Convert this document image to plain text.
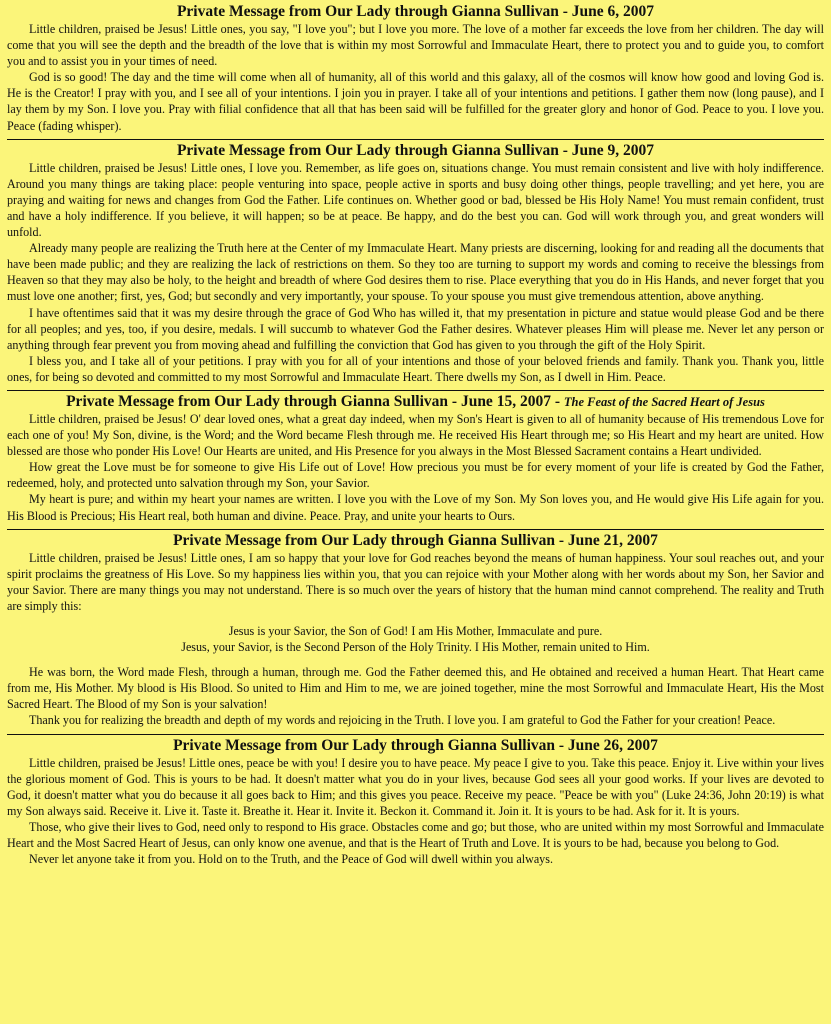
Private Message from Our Lady through Gianna Sullivan - June 6, 2007

Little children, praised be Jesus! Little ones, you say, "I love you"; but I love you more. The love of a mother far exceeds the love from her children. The day will come that you will see the depth and the breadth of the love that is within my most Sorrowful and Immaculate Heart, there to protect you and to guide you, to comfort you and to assist you in your times of need.

God is so good! The day and the time will come when all of humanity, all of this world and this galaxy, all of the cosmos will know how good and loving God is. He is the Creator! I pray with you, and I see all of your intentions. I join you in prayer. I take all of your intentions and petitions. I gather them now (long pause), and I lay them by my Son. I love you. Pray with filial confidence that all that has been said will be fulfilled for the greater glory and honor of God. Peace to you. I love you. Peace (fading whisper).

Private Message from Our Lady through Gianna Sullivan - June 9, 2007

Little children, praised be Jesus! Little ones, I love you. Remember, as life goes on, situations change. You must remain consistent and live with holy indifference. Around you many things are taking place: people venturing into space, people active in sports and busy doing other things, people travelling; and yet here, you are praying and waiting for news and changes from God the Father. Life continues on. Whether good or bad, blessed be His Holy Name! You must remain confident, trust and have a holy indifference. If you believe, it will happen; so be at peace. Be happy, and do the best you can. God will work through you, and great wonders will unfold.

Already many people are realizing the Truth here at the Center of my Immaculate Heart. Many priests are discerning, looking for and reading all the documents that have been made public; and they are realizing the lack of restrictions on them. So they too are turning to support my words and coming to receive the blessings from Heaven so that they may also be holy, to the height and breadth of where God desires them to rise. Place everything that you do in His Hands, and never forget that you must love one another; first, yes, God; but secondly and very importantly, your spouse. To your spouse you must give tremendous attention, above anything.

I have oftentimes said that it was my desire through the grace of God Who has willed it, that my presentation in picture and statue would please God and be there for all peoples; and yes, too, if you desire, medals. I will succumb to whatever God the Father desires. Whatever pleases Him will please me. Never let any person or anything through fear prevent you from moving ahead and fulfilling the conviction that God has given to you through the gift of the Holy Spirit.

I bless you, and I take all of your petitions. I pray with you for all of your intentions and those of your beloved friends and family. Thank you. Thank you, little ones, for being so devoted and committed to my most Sorrowful and Immaculate Heart. There dwells my Son, as I dwell in Him. Peace.

Private Message from Our Lady through Gianna Sullivan - June 15, 2007 - The Feast of the Sacred Heart of Jesus

Little children, praised be Jesus! O' dear loved ones, what a great day indeed, when my Son's Heart is given to all of humanity because of His tremendous Love for each one of you! My Son, divine, is the Word; and the Word became Flesh through me. He received His Heart through me; so His Heart and my heart are united. How blessed are those who ponder His Love! Our Hearts are united, and His Presence for you always in the Most Blessed Sacrament contains a Heart undivided.

How great the Love must be for someone to give His Life out of Love! How precious you must be for every moment of your life is created by God the Father, redeemed, holy, and protected unto salvation through my Son, your Savior.

My heart is pure; and within my heart your names are written. I love you with the Love of my Son. My Son loves you, and He would give His Life again for you. His Blood is Precious; His Heart real, both human and divine. Peace. Pray, and unite your hearts to Ours.

Private Message from Our Lady through Gianna Sullivan - June 21, 2007

Little children, praised be Jesus! Little ones, I am so happy that your love for God reaches beyond the means of human happiness. Your soul reaches out, and your spirit proclaims the greatness of His Love. So my happiness lies within you, that you can rejoice with your Mother along with her words about my Son, her Savior and your Savior. There are many things you may not understand. There is so much over the years of history that the human mind cannot comprehend. The reality and Truth are simply this:

Jesus is your Savior, the Son of God! I am His Mother, Immaculate and pure.

Jesus, your Savior, is the Second Person of the Holy Trinity. I His Mother, remain united to Him.

He was born, the Word made Flesh, through a human, through me. God the Father deemed this, and He obtained and received a human Heart. That Heart came from me, His Mother. My blood is His Blood. So united to Him and Him to me, we are joined together, mine the most Sorrowful and Immaculate Heart, His the Most Sacred Heart. The Blood of my Son is your salvation!

Thank you for realizing the breadth and depth of my words and rejoicing in the Truth. I love you. I am grateful to God the Father for your creation! Peace.

Private Message from Our Lady through Gianna Sullivan - June 26, 2007

Little children, praised be Jesus! Little ones, peace be with you! I desire you to have peace. My peace I give to you. Take this peace. Enjoy it. Live within your lives the glorious moment of God. This is yours to be had. It doesn't matter what you do in your lives, because God sees all your good works. If your lives are devoted to God, it doesn't matter what you do because it all goes back to Him; and this gives you peace. Receive my peace. "Peace be with you" (Luke 24:36, John 20:19) is what my Son always said. Receive it. Live it. Taste it. Breathe it. Hear it. Invite it. Beckon it. Command it. Join it. It is yours to be had. Ask for it. It is yours.

Those, who give their lives to God, need only to respond to His grace. Obstacles come and go; but those, who are united within my most Sorrowful and Immaculate Heart and the Most Sacred Heart of Jesus, can only know one avenue, and that is the Heart of Truth and Love. It is yours to be had, because you belong to God.

Never let anyone take it from you. Hold on to the Truth, and the Peace of God will dwell within you always.
